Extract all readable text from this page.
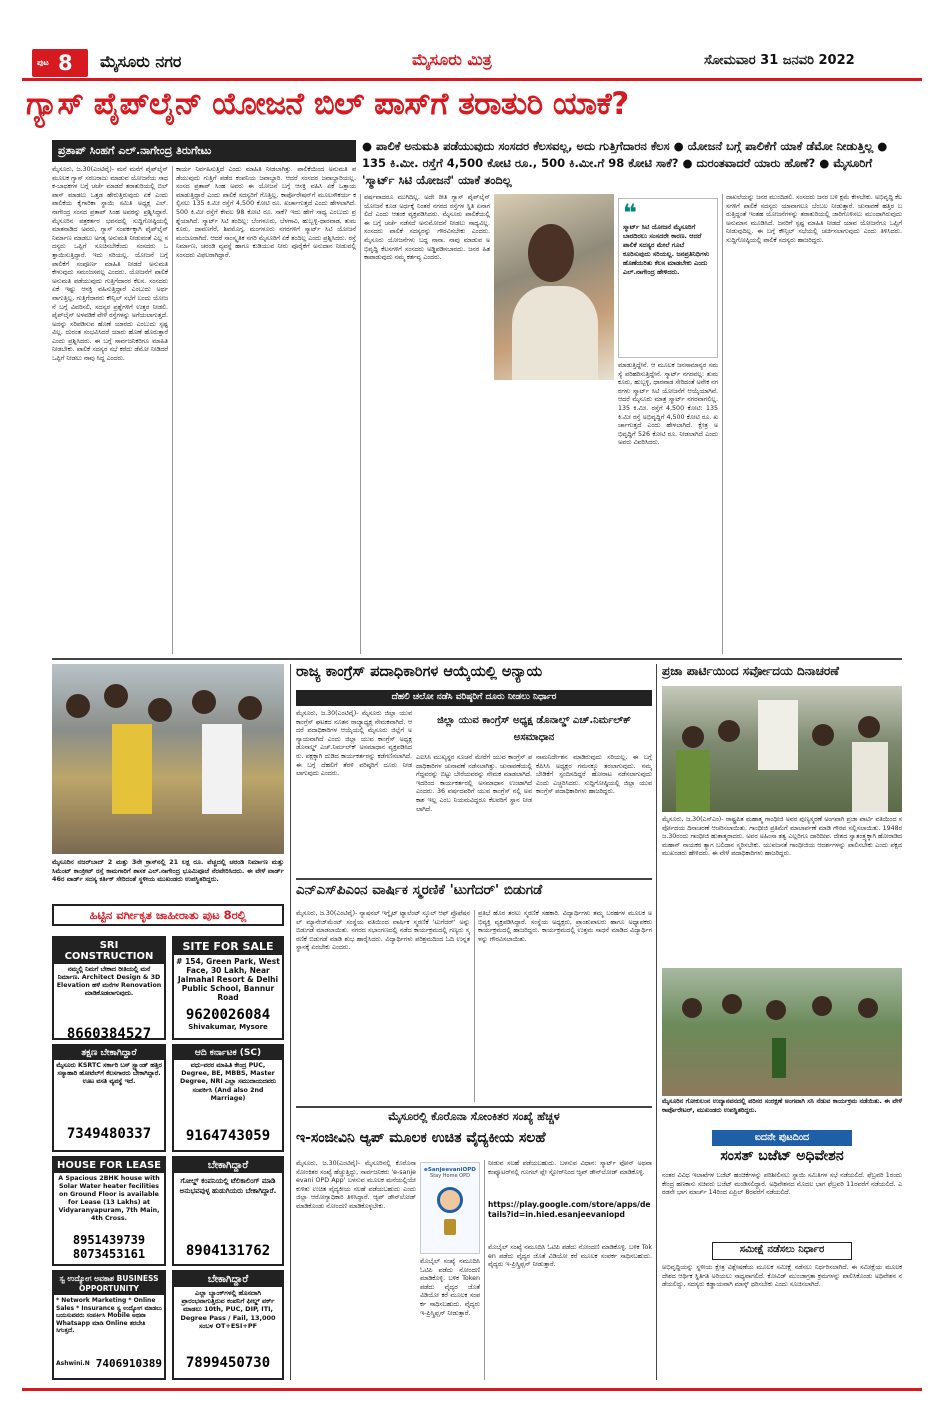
ಪುಟ 8 ಮೈಸೂರು ನಗರ	ಮೈಸೂರು ಮಿತ್ರ	ಸೋಮವಾರ 31 ಜನವರಿ 2022
ಗ್ಯಾಸ್ ಪೈಪ್‌ಲೈನ್ ಯೋಜನೆ ಬಿಲ್ ಪಾಸ್‌ಗೆ ತರಾತುರಿ ಯಾಕೆ?
ಪ್ರತಾಪ್ ಸಿಂಹಗೆ ಎಲ್.ನಾಗೇಂದ್ರ ತಿರುಗೇಟು	● ಪಾಲಿಕೆ ಅನುಮತಿ ಪಡೆಯುವುದು ಸಂಸದರ ಕೆಲಸವಲ್ಲ, ಅದು ಗುತ್ತಿಗೆದಾರನ ಕೆಲಸ ● ಯೋಜನೆ ಬಗ್ಗೆ ಪಾಲಿಕೆಗೆ ಯಾಕೆ ಡೆಮೋ ನೀಡುತ್ತಿಲ್ಲ ● 135 ಕಿ.ಮೀ. ರಸ್ತೆಗೆ 4,500 ಕೋಟಿ ರೂ., 500 ಕಿ.ಮೀ.ಗೆ 98 ಕೋಟಿ ಸಾಕೆ? ● ದುರಂತವಾದರೆ ಯಾರು ಹೊಣೆ? ● ಮೈಸೂರಿಗೆ 'ಸ್ಮಾರ್ಟ್ ಸಿಟಿ ಯೋಜನೆ' ಯಾಕೆ ತಂದಿಲ್ಲ
ಮೈಸೂರು, ಜ.30(ಎಂಟಿವೈ)- ಮನೆ ಮನೆಗೆ ಪೈಪ್‌ಲೈನ್ ಮೂಲಕ ಗ್ಯಾಸ್ ಸರಬರಾಜು ಮಾಡುವ ಯೋಜನೆಯ ಸಾಧಕ-ಬಾಧಕಗಳ ಬಗ್ಗೆ ಚರ್ಚೆ ಮಾಡದೆ ತರಾತುರಿಯಲ್ಲಿ ಬಿಲ್ ಪಾಸ್ ಮಾಡಲು ಒತ್ತಡ ಹೇರುತ್ತಿರುವುದು ಏಕೆ ಎಂದು ಪಾಲಿಕೆಯ ಕೈಗಾರಿಕಾ ಸ್ಥಾಯಿ ಸಮಿತಿ ಅಧ್ಯಕ್ಷ ಎಲ್.ನಾಗೇಂದ್ರ ಸಂಸದ ಪ್ರತಾಪ್ ಸಿಂಹ ಅವರನ್ನು ಪ್ರಶ್ನಿಸಿದ್ದಾರೆ. ಮೈಸೂರಿನ ಪತ್ರಕರ್ತರ ಭವನದಲ್ಲಿ ಸುದ್ದಿಗೋಷ್ಠಿಯಲ್ಲಿ ಮಾತನಾಡಿದ ಅವರು, ಗ್ಯಾಸ್ ಸಂಪರ್ಕಕ್ಕಾಗಿ ಪೈಪ್‌ಲೈನ್ ನಿರ್ಮಾಣ ಮಾಡಲು ಅಗತ್ಯ ಅನುಮತಿ ನೀಡುವಂತೆ ಎಲ್ಲ ಸದಸ್ಯರು ಒಪ್ಪಿಗೆ ಸೂಚಿಸಬೇಕೆಂದು ಸಂಸದರು ಒತ್ತಾಯಿಸುತ್ತಿದ್ದಾರೆ. ಇದು ಸರಿಯಲ್ಲ. ಯೋಜನೆ ಬಗ್ಗೆ ಪಾಲಿಕೆಗೆ ಸಂಪೂರ್ಣ ಮಾಹಿತಿ ನೀಡದೆ ಅನುಮತಿ ಕೇಳುವುದು ಸಮಂಜಸವಲ್ಲ ಎಂದರು. ಯೋಜನೆಗೆ ಪಾಲಿಕೆ ಅನುಮತಿ ಪಡೆಯುವುದು ಗುತ್ತಿಗೆದಾರರ ಕೆಲಸ. ಸಂಸದರು ಏಕೆ ಇಷ್ಟು ಆಸಕ್ತಿ ವಹಿಸುತ್ತಿದ್ದಾರೆ ಎಂಬುದು ಅರ್ಥವಾಗುತ್ತಿಲ್ಲ. ಗುತ್ತಿಗೆದಾರರು ಕೌನ್ಸಿಲ್ ಸಭೆಗೆ ಬಂದು ಯೋಜನೆ ಬಗ್ಗೆ ವಿವರಿಸಲಿ, ಸದಸ್ಯರ ಪ್ರಶ್ನೆಗಳಿಗೆ ಉತ್ತರ ನೀಡಲಿ. ಪೈಪ್‌ಲೈನ್ ಅಳವಡಿಕೆ ವೇಳೆ ರಸ್ತೆಗಳನ್ನು ಅಗೆಯಲಾಗುತ್ತದೆ. ಅದನ್ನು ಸರಿಪಡಿಸುವ ಹೊಣೆ ಯಾರದು ಎಂಬುದು ಸ್ಪಷ್ಟವಿಲ್ಲ. ದುರಂತ ಸಂಭವಿಸಿದರೆ ಯಾರು ಹೊಣೆ ಹೊರುತ್ತಾರೆ ಎಂದು ಪ್ರಶ್ನಿಸಿದರು. ಈ ಬಗ್ಗೆ ಸಾರ್ವಜನಿಕರಿಗೂ ಮಾಹಿತಿ ನೀಡಬೇಕು. ಪಾಲಿಕೆ ಸದಸ್ಯರ ಸಭೆ ಕರೆದು ಡೆಮೋ ನೀಡಿದರೆ ಒಪ್ಪಿಗೆ ನೀಡಲು ನಾವು ಸಿದ್ಧ ಎಂದರು.
ಕಾರ್ಯ ನಿರ್ವಹಿಸುತ್ತಿದೆ ಎಂದು ಮಾಹಿತಿ ನೀಡಲಾಗಿತ್ತು. ಪಾಲಿಕೆಯಿಂದ ಅನುಮತಿ ಪಡೆಯುವುದು ಗುತ್ತಿಗೆ ಪಡೆದ ಕಂಪನಿಯ ಜವಾಬ್ದಾರಿ. ಆದರೆ ಸಂಸದರ ಜವಾಬ್ದಾರಿಯಲ್ಲ. ಸಂಸದ ಪ್ರತಾಪ್ ಸಿಂಹ ಅವರು ಈ ಯೋಜನೆ ಬಗ್ಗೆ ಆಸಕ್ತಿ ವಹಿಸಿ ಏಕೆ ಒತ್ತಾಯ ಮಾಡುತ್ತಿದ್ದಾರೆ ಎಂದು ಪಾಲಿಕೆ ಸದಸ್ಯರಿಗೆ ಗೊತ್ತಿಲ್ಲ. ಕಾರ್ಪೊರೇಷನ್‌ಗೆ ಮೂಲಸೌಕರ್ಯ ಕಲ್ಪಿಸಲು 135 ಕಿ.ಮೀ ರಸ್ತೆಗೆ 4,500 ಕೋಟಿ ರೂ. ಖರ್ಚಾಗುತ್ತದೆ ಎಂದು ಹೇಳಲಾಗಿದೆ. 500 ಕಿ.ಮೀ ರಸ್ತೆಗೆ ಕೇವಲ 98 ಕೋಟಿ ರೂ. ಸಾಕೆ? ಇದು ಹೇಗೆ ಸಾಧ್ಯ ಎಂಬುದು ಪ್ರಶ್ನೆಯಾಗಿದೆ. ಸ್ಮಾರ್ಟ್ ಸಿಟಿ ತಂದಿಲ್ಲ: ಬೆಂಗಳೂರು, ಬೆಳಗಾವಿ, ಹುಬ್ಬಳ್ಳಿ-ಧಾರವಾಡ, ತುಮಕೂರು, ದಾವಣಗೆರೆ, ಶಿವಮೊಗ್ಗ, ಮಂಗಳೂರು ನಗರಗಳಿಗೆ ಸ್ಮಾರ್ಟ್ ಸಿಟಿ ಯೋಜನೆ ಮಂಜೂರಾಗಿದೆ. ಆದರೆ ಸಾಂಸ್ಕೃತಿಕ ನಗರಿ ಮೈಸೂರಿಗೆ ಏಕೆ ತಂದಿಲ್ಲ ಎಂದು ಪ್ರಶ್ನಿಸಿದರು. ರಸ್ತೆ ನಿರ್ಮಾಣ, ಚರಂಡಿ ವ್ಯವಸ್ಥೆ ಹಾಗೂ ಕುಡಿಯುವ ನೀರು ಪೂರೈಕೆಗೆ ಅನುದಾನ ನೀಡುವಲ್ಲಿ ಸಂಸದರು ವಿಫಲರಾಗಿದ್ದಾರೆ.
ವರ್ಷವಾದರೂ ಮುಗಿದಿಲ್ಲ. ಅದೇ ರೀತಿ ಗ್ಯಾಸ್ ಪೈಪ್‌ಲೈನ್ ಯೋಜನೆ ಕೂಡ ಅರ್ಧಕ್ಕೆ ನಿಂತರೆ ನಗರದ ರಸ್ತೆಗಳ ಸ್ಥಿತಿ ಏನಾಗಲಿದೆ ಎಂದು ಆತಂಕ ವ್ಯಕ್ತಪಡಿಸಿದರು. ಮೈಸೂರು ಪಾಲಿಕೆಯಲ್ಲಿ ಈ ಬಗ್ಗೆ ಚರ್ಚೆ ನಡೆಸದೆ ಅನುಮೋದನೆ ನೀಡಲು ಸಾಧ್ಯವಿಲ್ಲ. ಸಂಸದರು ಪಾಲಿಕೆ ಸದಸ್ಯರನ್ನು ಗೌರವಿಸಬೇಕು ಎಂದರು. ಮೈಸೂರು ಯೋಜನೆಗಳು ಬದ್ಧ ನಾನಾ. ನಾವು ಮಾಡುವ ಅಭಿವೃದ್ಧಿ ಕೆಲಸಗಳಿಗೆ ಸಂಸದರು ಅಡ್ಡಿಪಡಿಸಬಾರದು. ಜನರ ಹಿತ ಕಾಪಾಡುವುದು ನಮ್ಮ ಕರ್ತವ್ಯ ಎಂದರು.
❝
ಸ್ಮಾರ್ಟ್ ಸಿಟಿ ಯೋಜನೆ ಮೈಸೂರಿಗೆ ಬಾರದಿರಲು ಸಂಸದರೇ ಕಾರಣ. ಆದರೆ ಪಾಲಿಕೆ ಸದಸ್ಯರ ಮೇಲೆ ಗೂಬೆ ಕೂರಿಸುವುದು ಸರಿಯಲ್ಲ. ಜನಪ್ರತಿನಿಧಿಗಳು ಹೊಣೆಯರಿತು ಕೆಲಸ ಮಾಡಬೇಕು ಎಂದು ಎಲ್.ನಾಗೇಂದ್ರ ಹೇಳಿದರು.
ಮಾಡುತ್ತಿದ್ದೇನೆ. ಆ ಮೂಲಕ ಜನಸಾಮಾನ್ಯರ ಸಮಸ್ಯೆ ಪರಿಹರಿಸುತ್ತಿದ್ದೇನೆ. ಸ್ಮಾರ್ಟ್ ನಗರವಲ್ಲ: ತುಮಕೂರು, ಹುಬ್ಬಳ್ಳಿ, ಧಾರವಾಡ ಸೇರಿದಂತೆ ಅನೇಕ ನಗರಗಳು ಸ್ಮಾರ್ಟ್ ಸಿಟಿ ಯೋಜನೆಗೆ ಆಯ್ಕೆಯಾಗಿವೆ. ಆದರೆ ಮೈಸೂರು ಮಾತ್ರ ಸ್ಮಾರ್ಟ್ ನಗರವಾಗಲಿಲ್ಲ. 135 ಕಿ.ಮೀ. ರಸ್ತೆಗೆ 4,500 ಕೋಟಿ: 135 ಕಿ.ಮೀ ರಸ್ತೆ ಅಭಿವೃದ್ಧಿಗೆ 4,500 ಕೋಟಿ ರೂ. ಖರ್ಚಾಗುತ್ತದೆ ಎಂದು ಹೇಳಲಾಗಿದೆ. ಕ್ಷೇತ್ರ ಅಭಿವೃದ್ಧಿಗೆ 526 ಕೋಟಿ ರೂ. ನೀಡಲಾಗಿದೆ ಎಂದು ಅವರು ವಿವರಿಸಿದರು.
ದಾಖಲೆಯನ್ನು ಜನರ ಮುಂದಿಡಲಿ. ಸಂಸದರು ಜನರ ಬಳಿ ಕ್ಷಮೆ ಕೇಳಬೇಕು. ಅಭಿವೃದ್ಧಿ ಕೆಲಸಗಳಿಗೆ ಪಾಲಿಕೆ ಸದಸ್ಯರು ಯಾವಾಗಲೂ ಬೆಂಬಲ ನೀಡುತ್ತಾರೆ. ಚುನಾವಣೆ ಹತ್ತಿರ ಬರುತ್ತಿದ್ದಂತೆ ಇಂತಹ ಯೋಜನೆಗಳನ್ನು ತರಾತುರಿಯಲ್ಲಿ ಜಾರಿಗೊಳಿಸಲು ಮುಂದಾಗಿರುವುದು ಅನುಮಾನ ಮೂಡಿಸಿದೆ. ಜನರಿಗೆ ಸ್ಪಷ್ಟ ಮಾಹಿತಿ ನೀಡದೆ ಯಾವ ಯೋಜನೆಗೂ ಒಪ್ಪಿಗೆ ನೀಡುವುದಿಲ್ಲ. ಈ ಬಗ್ಗೆ ಕೌನ್ಸಿಲ್ ಸಭೆಯಲ್ಲಿ ಚರ್ಚಿಸಲಾಗುವುದು ಎಂದು ತಿಳಿಸಿದರು. ಸುದ್ದಿಗೋಷ್ಠಿಯಲ್ಲಿ ಪಾಲಿಕೆ ಸದಸ್ಯರು ಹಾಜರಿದ್ದರು.
ಮೈಸೂರಿನ ನಜರ್‌ಬಾದ್ 2 ಮತ್ತು 3ನೇ ಕ್ರಾಸ್‌ನಲ್ಲಿ 21 ಲಕ್ಷ ರೂ. ವೆಚ್ಚದಲ್ಲಿ ಚರಂಡಿ ನಿರ್ಮಾಣ ಮತ್ತು ಸಿಮೆಂಟ್ ಕಾಂಕ್ರೀಟ್ ರಸ್ತೆ ಕಾಮಗಾರಿಗೆ ಶಾಸಕ ಎಲ್.ನಾಗೇಂದ್ರ ಭೂಮಿಪೂಜೆ ನೆರವೇರಿಸಿದರು. ಈ ವೇಳೆ ವಾರ್ಡ್ 46ರ ವಾರ್ಡ್ ಸದಸ್ಯ ಕರ್ತಿಕ್ ಸೇರಿದಂತೆ ಸ್ಥಳೀಯ ಮುಖಂಡರು ಉಪಸ್ಥಿತರಿದ್ದರು.
ಹಿಟ್ಟಿನ ವರ್ಗೀಕೃತ ಜಾಹೀರಾತು ಪುಟ 8ರಲ್ಲಿ
SRI CONSTRUCTION
ನಮ್ಮಲ್ಲಿ ನಿಮಗೆ ಬೇಕಾದ ರೀತಿಯಲ್ಲಿ ಮನೆ ನಿರ್ಮಾಣ. Architect Design & 3D Elevation ಹಳೆ ಮನೆಗಳ Renovation ಮಾಡಿಕೊಡಲಾಗುವುದು.
8660384527
SITE FOR SALE
# 154, Green Park, West Face, 30 Lakh, Near Jalmahal Resort & Delhi Public School, Bannur Road
9620026084
Shivakumar, Mysore
ತಕ್ಷಣ ಬೇಕಾಗಿದ್ದಾರೆ
ಮೈಸೂರು KSRTC ಸರ್ಕಾರಿ ಬಸ್ ಸ್ಟ್ಯಾಂಡ್ ಹತ್ತಿರ ಸಸ್ಯಾಹಾರಿ ಹೋಟೆಲ್‌ಗೆ ಕೆಲಸಗಾರರು ಬೇಕಾಗಿದ್ದಾರೆ. ಊಟ ವಸತಿ ವ್ಯವಸ್ಥೆ ಇದೆ.
7349480337
ಆದಿ ಕರ್ನಾಟಕ (SC)
ವಧು-ವರರ ಮಾಹಿತಿ ಕೇಂದ್ರ PUC, Degree, BE, MBBS, Master Degree, NRI ಎಲ್ಲಾ ಸಮುದಾಯದವರು ಸಂಪರ್ಕಿಸಿ (And also 2nd Marriage)
9164743059
HOUSE FOR LEASE
A Spacious 2BHK house with Solar Water heater fecilities on Ground Floor is available for Lease (13 Lakhs) at Vidyaranyapuram, 7th Main, 4th Cross.
8951439739
8073453161
ಬೇಕಾಗಿದ್ದಾರೆ
ಗೋಲ್ಡ್ ಕಂಪನಿಯಲ್ಲಿ ಟೆಲಿಕಾಲಿಂಗ್ ಮಾಡಿ ಅನುಭವವುಳ್ಳ ಹುಡುಗಿಯರು ಬೇಕಾಗಿದ್ದಾರೆ.
8904131762
ಸ್ವ ಉದ್ಯೋಗ ಅವಕಾಶ BUSINESS OPPORTUNITY
* Network Marketing * Online Sales * Insurance ಸ್ವ ಉದ್ಯೋಗ ಮಾಡಲು ಬಯಸುವವರು ಸಂಪರ್ಕಿಸಿ Mobile ಅಥವಾ Whatsapp ಮಾಡಿ Online ತರಬೇತಿ ಸಿಗುತ್ತದೆ.
Ashwini.N 7406910389
ಬೇಕಾಗಿದ್ದಾರೆ
ಎಲ್ಲಾ ಬ್ಯಾಂಕ್‌ಗಳಲ್ಲಿ ಹೊಸದಾಗಿ ಪ್ರಾರಂಭವಾಗುತ್ತಿರುವ ಕಂಪನಿಗೆ ಫೀಲ್ಡ್ ವರ್ಕ್ ಮಾಡಲು 10th, PUC, DIP, ITI, Degree Pass / Fail, 13,000 ಸಂಬಳ OT+ESI+PF
7899450730
ರಾಜ್ಯ ಕಾಂಗ್ರೆಸ್ ಪದಾಧಿಕಾರಿಗಳ ಆಯ್ಕೆಯಲ್ಲಿ ಅನ್ಯಾಯ
ದೆಹಲಿ ಚಲೋ ನಡೆಸಿ ವರಿಷ್ಠರಿಗೆ ದೂರು ನೀಡಲು ನಿರ್ಧಾರ
ಮೈಸೂರು, ಜ.30(ಎಂಟಿವೈ)- ಮೈಸೂರು ಜಿಲ್ಲಾ ಯುವ ಕಾಂಗ್ರೆಸ್ ಘಟಕದ ನೂತನ ರಾಜ್ಯಾಧ್ಯಕ್ಷ ನೇಮಕವಾಗಿದೆ. ಆದರೆ ಪದಾಧಿಕಾರಿಗಳ ಆಯ್ಕೆಯಲ್ಲಿ ಮೈಸೂರು ಜಿಲ್ಲೆಗೆ ಅನ್ಯಾಯವಾಗಿದೆ ಎಂದು ಜಿಲ್ಲಾ ಯುವ ಕಾಂಗ್ರೆಸ್ ಅಧ್ಯಕ್ಷ ಡೊನಾಲ್ಡ್ ಎಚ್.ನಿರ್ಮಲ್‌ಕ್ ಅಸಮಾಧಾನ ವ್ಯಕ್ತಪಡಿಸಿದರು. ಪಕ್ಷಕ್ಕಾಗಿ ದುಡಿದ ಕಾರ್ಯಕರ್ತರನ್ನು ಕಡೆಗಣಿಸಲಾಗಿದೆ. ಈ ಬಗ್ಗೆ ದೆಹಲಿಗೆ ತೆರಳಿ ವರಿಷ್ಠರಿಗೆ ದೂರು ನೀಡಲಾಗುವುದು ಎಂದರು.
ಜಿಲ್ಲಾ ಯುವ ಕಾಂಗ್ರೆಸ್ ಅಧ್ಯಕ್ಷ ಡೊನಾಲ್ಡ್ ಎಚ್.ನಿರ್ಮಲ್‌ಕ್ ಅಸಮಾಧಾನ
ಎಐಸಿಸಿ ಮುಖ್ಯಸ್ಥರ ಸೂಚನೆ ಮೇರೆಗೆ ಯುವ ಕಾಂಗ್ರೆಸ್ ಪದಾಧಿಕಾರಿಗಳ ಚುನಾವಣೆ ನಡೆಸಲಾಗಿತ್ತು. ಚುನಾವಣೆಯಲ್ಲಿ ಗೆದ್ದವರನ್ನು ಬಿಟ್ಟು ಬೇರೆಯವರನ್ನು ನೇಮಕ ಮಾಡಲಾಗಿದೆ. ಇದರಿಂದ ಕಾರ್ಯಕರ್ತರಲ್ಲಿ ಅಸಮಾಧಾನ ಉಂಟಾಗಿದೆ ಎಂದರು. 36 ವರ್ಷದವರಿಗೆ ಯುವ ಕಾಂಗ್ರೆಸ್ ನಲ್ಲಿ ಅವಕಾಶ ಇಲ್ಲ ಎಂಬ ನಿಯಮವಿದ್ದರೂ ಕೆಲವರಿಗೆ ಸ್ಥಾನ ನೀಡಲಾಗಿದೆ.
ನಾಮನಿರ್ದೇಶನ ಮಾಡಿರುವುದು ಸರಿಯಲ್ಲ. ಈ ಬಗ್ಗೆ ಕೆಪಿಸಿಸಿ ಅಧ್ಯಕ್ಷರ ಗಮನಕ್ಕೂ ತರಲಾಗುವುದು. ನಮ್ಮ ಬೇಡಿಕೆಗೆ ಸ್ಪಂದಿಸದಿದ್ದರೆ ಹೋರಾಟ ನಡೆಸಲಾಗುವುದು ಎಂದು ಎಚ್ಚರಿಸಿದರು. ಸುದ್ದಿಗೋಷ್ಠಿಯಲ್ಲಿ ಜಿಲ್ಲಾ ಯುವ ಕಾಂಗ್ರೆಸ್ ಪದಾಧಿಕಾರಿಗಳು ಹಾಜರಿದ್ದರು.
ಎನ್‌ಎಸ್‌ಪಿಎಂನ ವಾರ್ಷಿಕ ಸ್ಮರಣಿಕೆ 'ಟುಗೆದರ್' ಬಿಡುಗಡೆ
ಮೈಸೂರು, ಜ.30(ಎಂಟಿವೈ)- ನ್ಯಾಷನಲ್ ಇಗ್ನೈಟ್ ಟ್ಯಾಲೆಂಟ್ ಸ್ಕೂಲ್ ಆಫ್ ಪ್ರೊಫೆಷನಲ್ ಮ್ಯಾನೇಜ್‌ಮೆಂಟ್ ಸಂಸ್ಥೆಯ ವತಿಯಿಂದ ವಾರ್ಷಿಕ ಸ್ಮರಣಿಕೆ 'ಟುಗೆದರ್' ಅನ್ನು ಬಿಡುಗಡೆ ಮಾಡಲಾಯಿತು. ನಗರದ ಸಭಾಂಗಣದಲ್ಲಿ ನಡೆದ ಕಾರ್ಯಕ್ರಮದಲ್ಲಿ ಗಣ್ಯರು ಸ್ಮರಣಿಕೆ ಬಿಡುಗಡೆ ಮಾಡಿ ಶುಭ ಹಾರೈಸಿದರು. ವಿದ್ಯಾರ್ಥಿಗಳು ಪರಿಶ್ರಮದಿಂದ ಓದಿ ಉನ್ನತ ಸ್ಥಾನಕ್ಕೆ ಏರಬೇಕು ಎಂದರು.
ಪ್ರತಿಭೆ ಹೊರ ತರಲು ಸ್ಮರಣಿಕೆ ಸಹಕಾರಿ. ವಿದ್ಯಾರ್ಥಿಗಳು ತಮ್ಮ ಬರಹಗಳ ಮೂಲಕ ಅಭಿವ್ಯಕ್ತಿ ವ್ಯಕ್ತಪಡಿಸಿದ್ದಾರೆ. ಸಂಸ್ಥೆಯ ಅಧ್ಯಕ್ಷರು, ಪ್ರಾಂಶುಪಾಲರು ಹಾಗೂ ಅಧ್ಯಾಪಕರು ಕಾರ್ಯಕ್ರಮದಲ್ಲಿ ಹಾಜರಿದ್ದರು. ಕಾರ್ಯಕ್ರಮದಲ್ಲಿ ಉತ್ತಮ ಸಾಧನೆ ಮಾಡಿದ ವಿದ್ಯಾರ್ಥಿಗಳನ್ನು ಗೌರವಿಸಲಾಯಿತು.
ಮೈಸೂರಲ್ಲಿ ಕೊರೊನಾ ಸೋಂಕಿತರ ಸಂಖ್ಯೆ ಹೆಚ್ಚಳ
ಇ-ಸಂಜೀವಿನಿ ಆ್ಯಪ್ ಮೂಲಕ ಉಚಿತ ವೈದ್ಯಕೀಯ ಸಲಹೆ
ಮೈಸೂರು, ಜ.30(ಎಂಟಿವೈ)- ಮೈಸೂರಿನಲ್ಲಿ ಕೊರೊನಾ ಸೋಂಕಿತರ ಸಂಖ್ಯೆ ಹೆಚ್ಚುತ್ತಿದ್ದು, ಸಾರ್ವಜನಿಕರು 'e-sanjeevani OPD App' ಬಳಸುವ ಮೂಲಕ ಮನೆಯಲ್ಲಿಯೇ ಕುಳಿತು ಉಚಿತ ವೈದ್ಯಕೀಯ ಸಲಹೆ ಪಡೆಯಬಹುದು ಎಂದು ಜಿಲ್ಲಾ ಆರೋಗ್ಯಾಧಿಕಾರಿ ತಿಳಿಸಿದ್ದಾರೆ. ಆ್ಯಪ್ ಡೌನ್‌ಲೋಡ್ ಮಾಡಿಕೊಂಡು ನೋಂದಣಿ ಮಾಡಿಕೊಳ್ಳಬೇಕು.
eSanjeevaniOPD
Stay Home OPD
ಮೊಬೈಲ್ ಸಂಖ್ಯೆ ನಮೂದಿಸಿ ಓಟಿಪಿ ಪಡೆದು ನೋಂದಣಿ ಮಾಡಿಕೊಳ್ಳಿ. ಬಳಿಕ Token ಪಡೆದು ವೈದ್ಯರ ಜೊತೆ ವಿಡಿಯೋ ಕರೆ ಮೂಲಕ ಸಂಪರ್ಕ ಸಾಧಿಸಬಹುದು. ವೈದ್ಯರು ಇ-ಪ್ರಿಸ್ಕ್ರಿಪ್ಷನ್ ನೀಡುತ್ತಾರೆ.
ನೀಡುವ ಸಲಹೆ ಪಡೆಯಬಹುದು. ಬಳಸುವ ವಿಧಾನ: ಸ್ಮಾರ್ಟ್ ಫೋನ್ ಅಥವಾ ಕಂಪ್ಯೂಟರ್‌ನಲ್ಲಿ ಗೂಗಲ್ ಪ್ಲೇ ಸ್ಟೋರ್‌ನಿಂದ ಆ್ಯಪ್ ಡೌನ್‌ಲೋಡ್ ಮಾಡಿಕೊಳ್ಳಿ.
https://play.google.com/store/apps/details?id=in.hied.esanjeevaniopd
ಮೊಬೈಲ್ ಸಂಖ್ಯೆ ನಮೂದಿಸಿ ಓಟಿಪಿ ಪಡೆದು ನೋಂದಣಿ ಮಾಡಿಕೊಳ್ಳಿ. ಬಳಿಕ Token ಪಡೆದು ವೈದ್ಯರ ಜೊತೆ ವಿಡಿಯೋ ಕರೆ ಮೂಲಕ ಸಂಪರ್ಕ ಸಾಧಿಸಬಹುದು. ವೈದ್ಯರು ಇ-ಪ್ರಿಸ್ಕ್ರಿಪ್ಷನ್ ನೀಡುತ್ತಾರೆ.
ಪ್ರಜಾ ಪಾರ್ಟಿಯಿಂದ ಸರ್ವೋದಯ ದಿನಾಚರಣೆ
ಮೈಸೂರು, ಜ.30(ಎಸ್‌ಎಂ)- ರಾಷ್ಟ್ರಪಿತ ಮಹಾತ್ಮ ಗಾಂಧೀಜಿ ಅವರ ಪುಣ್ಯಸ್ಮರಣೆ ಅಂಗವಾಗಿ ಪ್ರಜಾ ಪಾರ್ಟಿ ವತಿಯಿಂದ ಸರ್ವೋದಯ ದಿನಾಚರಣೆ ಆಚರಿಸಲಾಯಿತು. ಗಾಂಧೀಜಿ ಪ್ರತಿಮೆಗೆ ಮಾಲಾರ್ಪಣೆ ಮಾಡಿ ಗೌರವ ಸಲ್ಲಿಸಲಾಯಿತು. 1948ರ ಜ.30ರಂದು ಗಾಂಧೀಜಿ ಹುತಾತ್ಮರಾದರು. ಅವರ ಅಹಿಂಸಾ ತತ್ವ ಎಲ್ಲರಿಗೂ ದಾರಿದೀಪ. ದೇಶದ ಸ್ವಾತಂತ್ರ್ಯಕ್ಕಾಗಿ ಹೋರಾಡಿದ ಮಹಾನ್ ನಾಯಕರ ತ್ಯಾಗ ಬಲಿದಾನ ಸ್ಮರಿಸಬೇಕು. ಯುವಜನತೆ ಗಾಂಧೀಜಿಯ ಆದರ್ಶಗಳನ್ನು ಪಾಲಿಸಬೇಕು ಎಂದು ಪಕ್ಷದ ಮುಖಂಡರು ಹೇಳಿದರು. ಈ ವೇಳೆ ಪದಾಧಿಕಾರಿಗಳು ಹಾಜರಿದ್ದರು.
ಮೈಸೂರಿನ ಗೋಕುಲಂನ ಉದ್ಯಾನವನದಲ್ಲಿ ಪರಿಸರ ಸಂರಕ್ಷಣೆ ಅಂಗವಾಗಿ ಸಸಿ ನೆಡುವ ಕಾರ್ಯಕ್ರಮ ನಡೆಯಿತು. ಈ ವೇಳೆ ಕಾರ್ಪೊರೇಟರ್, ಮುಖಂಡರು ಉಪಸ್ಥಿತರಿದ್ದರು.
ಐದನೇ ಪುಟದಿಂದ
ಸಂಸತ್ ಬಜೆಟ್ ಅಧಿವೇಶನ
ನಂತರ ವಿವಿಧ ಇಲಾಖೆಗಳ ಬಜೆಟ್ ಹಂಚಿಕೆಗಳನ್ನು ಪರಿಶೀಲಿಸಲು ಸ್ಥಾಯಿ ಸಮಿತಿಗಳ ಸಭೆ ನಡೆಯಲಿದೆ. ಫೆಬ್ರವರಿ 1ರಂದು ಕೇಂದ್ರ ಹಣಕಾಸು ಸಚಿವರು ಬಜೆಟ್ ಮಂಡಿಸಲಿದ್ದಾರೆ. ಅಧಿವೇಶನದ ಮೊದಲ ಭಾಗ ಫೆಬ್ರವರಿ 11ರವರೆಗೆ ನಡೆಯಲಿದೆ. ಎರಡನೇ ಭಾಗ ಮಾರ್ಚ್ 14ರಿಂದ ಏಪ್ರಿಲ್ 8ರವರೆಗೆ ನಡೆಯಲಿದೆ.
ಸಮೀಕ್ಷೆ ನಡೆಸಲು ನಿರ್ಧಾರ
ಅಭಿವೃದ್ಧಿಯನ್ನು ಸ್ಥಳೀಯ ಕ್ಷೇತ್ರ ವಿಶ್ಲೇಷಣೆಯ ಮೂಲಕ ಸಮೀಕ್ಷೆ ನಡೆಸಲು ನಿರ್ಧರಿಸಲಾಗಿದೆ. ಈ ಸಮೀಕ್ಷೆಯ ಮೂಲಕ ದೇಶದ ಆರ್ಥಿಕ ಸ್ಥಿತಿಗತಿ ಅರಿಯಲು ಸಾಧ್ಯವಾಗಲಿದೆ. ಕೋವಿಡ್ ಮುಂಜಾಗ್ರತಾ ಕ್ರಮಗಳನ್ನು ಪಾಲಿಸಿಕೊಂಡು ಅಧಿವೇಶನ ನಡೆಯಲಿದ್ದು, ಸದಸ್ಯರು ಕಡ್ಡಾಯವಾಗಿ ಮಾಸ್ಕ್ ಧರಿಸಬೇಕು ಎಂದು ಸೂಚಿಸಲಾಗಿದೆ.
